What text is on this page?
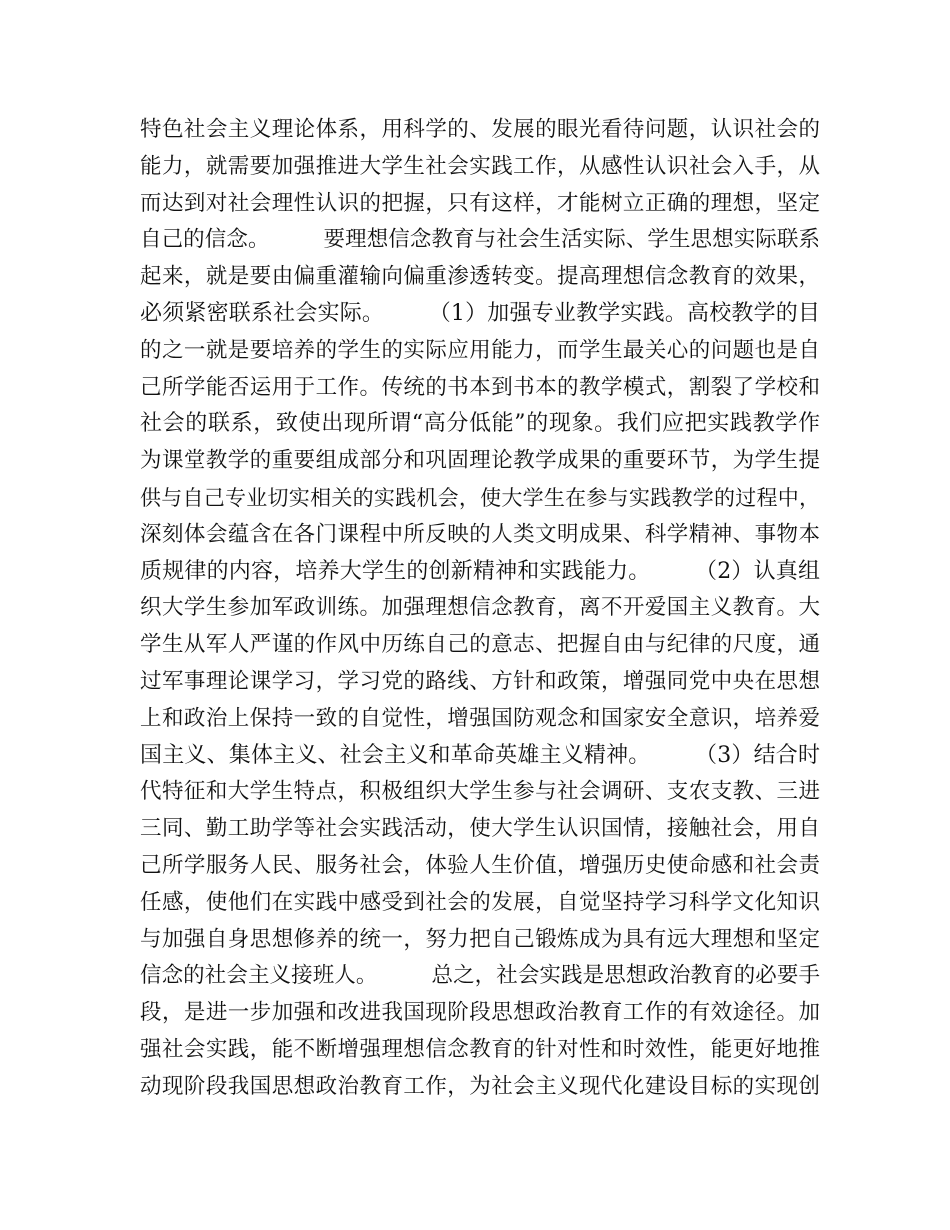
特色社会主义理论体系，用科学的、发展的眼光看待问题，认识社会的
能力，就需要加强推进大学生社会实践工作，从感性认识社会入手，从
而达到对社会理性认识的把握，只有这样，才能树立正确的理想，坚定
自己的信念。　　　要理想信念教育与社会生活实际、学生思想实际联系
起来，就是要由偏重灌输向偏重渗透转变。提高理想信念教育的效果，
必须紧密联系社会实际。　　　（1）加强专业教学实践。高校教学的目
的之一就是要培养的学生的实际应用能力，而学生最关心的问题也是自
己所学能否运用于工作。传统的书本到书本的教学模式，割裂了学校和
社会的联系，致使出现所谓“高分低能”的现象。我们应把实践教学作
为课堂教学的重要组成部分和巩固理论教学成果的重要环节，为学生提
供与自己专业切实相关的实践机会，使大学生在参与实践教学的过程中，
深刻体会蕴含在各门课程中所反映的人类文明成果、科学精神、事物本
质规律的内容，培养大学生的创新精神和实践能力。　　　（2）认真组
织大学生参加军政训练。加强理想信念教育，离不开爱国主义教育。大
学生从军人严谨的作风中历练自己的意志、把握自由与纪律的尺度，通
过军事理论课学习，学习党的路线、方针和政策，增强同党中央在思想
上和政治上保持一致的自觉性，增强国防观念和国家安全意识，培养爱
国主义、集体主义、社会主义和革命英雄主义精神。　　　（3）结合时
代特征和大学生特点，积极组织大学生参与社会调研、支农支教、三进
三同、勤工助学等社会实践活动，使大学生认识国情，接触社会，用自
己所学服务人民、服务社会，体验人生价值，增强历史使命感和社会责
任感，使他们在实践中感受到社会的发展，自觉坚持学习科学文化知识
与加强自身思想修养的统一，努力把自己锻炼成为具有远大理想和坚定
信念的社会主义接班人。　　　总之，社会实践是思想政治教育的必要手
段，是进一步加强和改进我国现阶段思想政治教育工作的有效途径。加
强社会实践，能不断增强理想信念教育的针对性和时效性，能更好地推
动现阶段我国思想政治教育工作，为社会主义现代化建设目标的实现创
